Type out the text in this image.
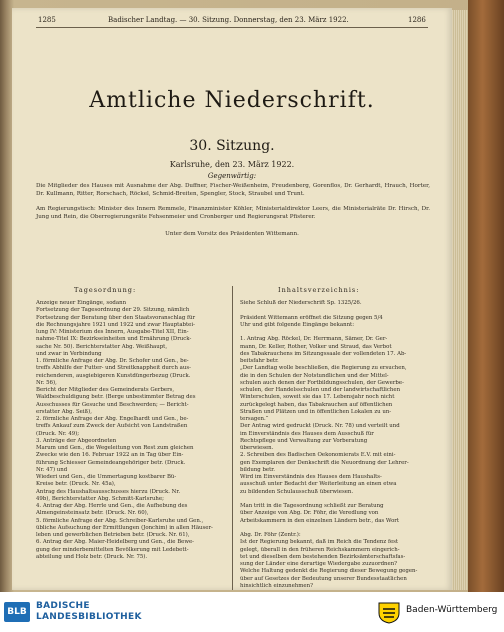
1285	Badischer Landtag. — 30. Sitzung. Donnerstag, den 23. März 1922.	1286
Amtliche Niederschrift.
30. Sitzung.
Karlsruhe, den 23. März 1922.
Gegenwärtig:
Die Mitglieder des Hauses mit Ausnahme der Abg. Duffner, Fischer-Weißenheim, Freudenberg, Gorenflos, Dr. Gerhardt, Hrauch, Horter, Dr. Kullmann, Ritter, Rorschach, Röckel, Schmid-Breiten, Spengler, Stock, Straubel und Trunt.
Am Regierungstisch: Minister des Innern Remmele, Finanzminister Köhler, Ministerialdirektor Leers, die Ministerialräte Dr. Hirsch, Dr. Jung und Rein, die Oberregierungsräte Fehsenmeier und Cronberger und Regierungsrat Pfisterer.
Unter dem Vorsitz des Präsidenten Wittemann.
Tagesordnung:	Inhaltsverzeichnis:
Anzeige neuer Eingänge, sodann
Fortsetzung der Tagesordnung der 29. Sitzung, nämlich
Fortsetzung der Beratung über den Staatsvoranschlag für
die Rechnungsjahre 1921 und 1922 und zwar Hauptabtei-
lung IV: Ministerium des Innern, Ausgabe-Titel XII, Ein-
nahme-Titel IX: Bezirkseinheiten und Ernährung (Druck-
sache Nr. 50). Berichterstatter Abg. Weißhaupt,
und zwar in Verbindung
1. förmliche Anfrage der Abg. Dr. Schofer und Gen., be-
treffs Abhilfe der Futter- und Streitknappheit durch aus-
reichenderen, ausgiebigeren Kunstdüngerbezug (Druck.
Nr. 56),
Bericht der Mitglieder des Gemeinderats Gerbers,
Waldbeschuldigung betr. (Berge unbestimmter Betrag des
Ausschusses für Gesuche und Beschwerden; — Bericht-
erstatter Abg. Seiß),
2. förmliche Anfrage der Abg. Engelhardt und Gen., be-
treffs Ankauf zum Zweck der Aufsicht von Landstraßen
(Druck. Nr. 49);
3. Anträge der Abgeordneten
Marum und Gen., die Wegeleitung von Rest zum gleichen
Zwecke wie den 16. Februar 1922 an in Tag über Ein-
führung Schiesser Gemeindeangehöriger betr. (Druck.
Nr. 47) und
Wiederi und Gen., die Ummertagung kostbarer Bü-
Kreise betr. (Druck. Nr. 45a),
Antrag des Haushaltsausschusses hierzu (Druck. Nr.
49b), Berichterstatter Abg. Schmitt-Karlsruhe;
4. Antrag der Abg. Herrle und Gen., die Aufhebung des
Almengeinsteinsatz betr. (Druck. Nr. 60),
5. förmliche Anfrage der Abg. Schreiber-Karlsruhe und Gen.,
übliche Aufsuchung der Ermittlungen (Jonchim) in allen Häuser-
leben und gewerblichen Betrieben betr. (Druck. Nr. 61),
6. Antrag der Abg. Maier-Heidelberg und Gen., die Bewe-
gung der minderbemittelten Bevölkerung mit Ledebett-
abteilung und Holz betr. (Druck. Nr. 75).
Siehe Schluß der Niederschrift Sp. 1325/26.

Präsident Wittemann eröffnet die Sitzung gegen 5/4
Uhr und gibt folgende Eingänge bekannt:

1. Antrag Abg. Röckel, Dr. Herrmann, Sämer, Dr. Ger-
mann, Dr. Keller, Rother, Volker und Straud, das Verbot
des Tabakrauchens im Sitzungssaale der vollendeten 17. Ab-
beitsfahr betr.
„Der Landtag wolle beschließen, die Regierung zu ersuchen,
die in den Schulen der Notstundlichen und der Mittel-
schulen auch denen der Fortbildungsschulen, der Gewerbe-
schulen, der Handelsschulen und der landwirtschaftlichen
Winterschulen, soweit sie das 17. Lebensjahr noch nicht
zurückgelegt haben, das Tabakrauchen auf öffentlichen
Straßen und Plätzen und in öffentlichen Lokalen zu un-
tersagen.“
Der Antrag wird gedruckt (Druck. Nr. 78) und verteilt und
im Einverständnis des Hauses dem Ausschuß für
Rechtspflege und Verwaltung zur Vorberatung
überwiesen.
2. Schreiben des Badischen Oekonomierats E.V. mit eini-
gen Exemplaren der Denkschrift die Neuordnung der Lehrer-
bildung betr.
Wird im Einverständnis des Hauses dem Haushalts-
ausschuß unter Bedacht der Weiterleitung an einen etwa
zu bildenden Schulausschuß überwiesen.

Man tritt in die Tagesordnung schließt zur Beratung
über Anzeige von Abg. Dr. Föhr, die Veredlung von
Arbeitskammern in den einzelnen Ländern betr., das Wort

Abg. Dr. Föhr (Zentr.):
Ist der Regierung bekannt, daß im Reich die Tendenz fest
gelegt, überall in den früheren Reichskammern eingerich-
tet und dieselben dem bestehenden Bezirksämterschaftsfas-
sung der Länder eine derartige Wiedergabe zuzuordnen?
Welche Haltung gedenkt die Regierung dieser Bewegung gegen-
über auf Gesetzes der Bedeutung unserer Bundesstaatlichen
hinsichtlich einzunehmen?
BLB
BADISCHE
LANDESBIBLIOTHEK
Baden-Württemberg
